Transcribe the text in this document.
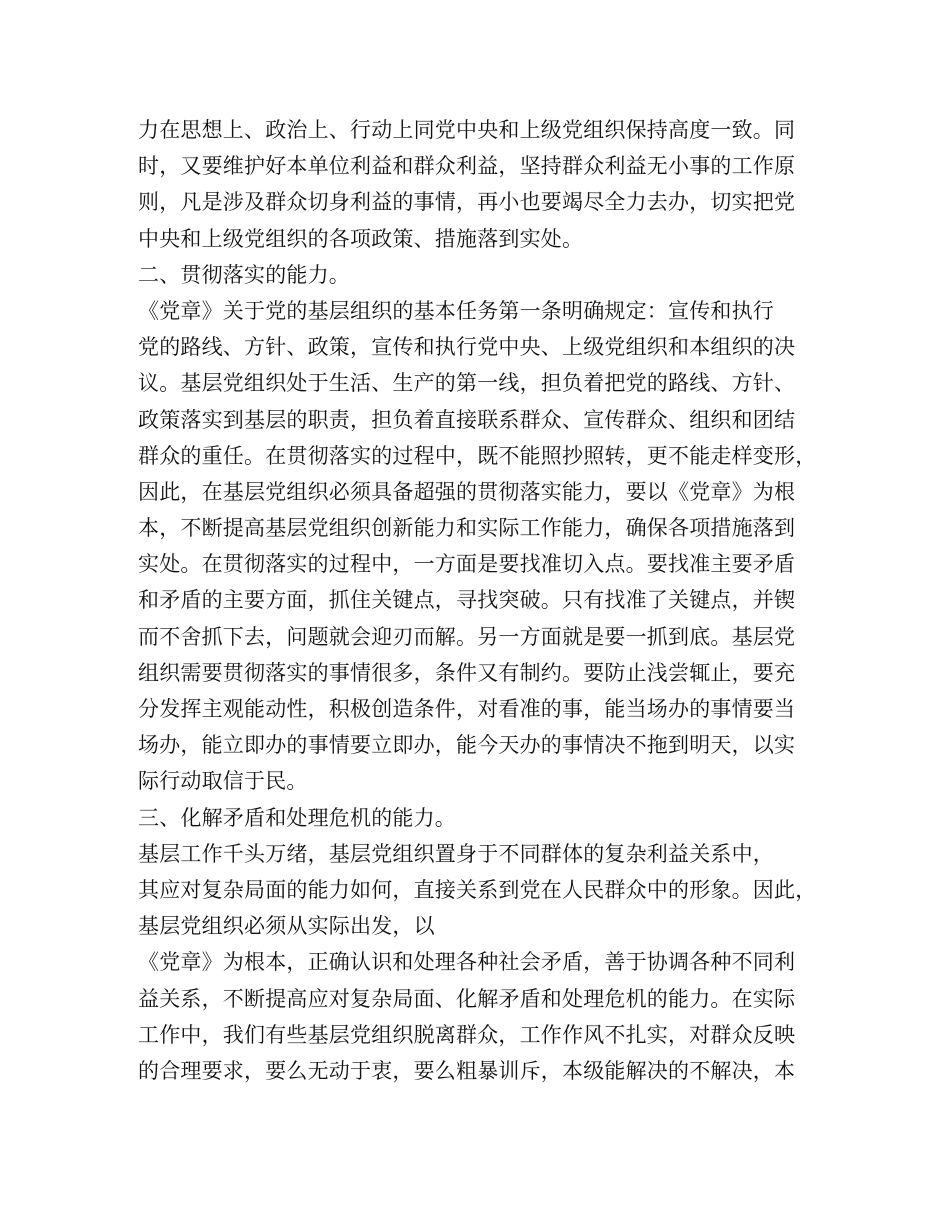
力在思想上、政治上、行动上同党中央和上级党组织保持高度一致。同
时，又要维护好本单位利益和群众利益，坚持群众利益无小事的工作原
则，凡是涉及群众切身利益的事情，再小也要竭尽全力去办，切实把党
中央和上级党组织的各项政策、措施落到实处。
二、贯彻落实的能力。
《党章》关于党的基层组织的基本任务第一条明确规定：宣传和执行
党的路线、方针、政策，宣传和执行党中央、上级党组织和本组织的决
议。基层党组织处于生活、生产的第一线，担负着把党的路线、方针、
政策落实到基层的职责，担负着直接联系群众、宣传群众、组织和团结
群众的重任。在贯彻落实的过程中，既不能照抄照转，更不能走样变形，
因此，在基层党组织必须具备超强的贯彻落实能力，要以《党章》为根
本，不断提高基层党组织创新能力和实际工作能力，确保各项措施落到
实处。在贯彻落实的过程中，一方面是要找准切入点。要找准主要矛盾
和矛盾的主要方面，抓住关键点，寻找突破。只有找准了关键点，并锲
而不舍抓下去，问题就会迎刃而解。另一方面就是要一抓到底。基层党
组织需要贯彻落实的事情很多，条件又有制约。要防止浅尝辄止，要充
分发挥主观能动性，积极创造条件，对看准的事，能当场办的事情要当
场办，能立即办的事情要立即办，能今天办的事情决不拖到明天，以实
际行动取信于民。
三、化解矛盾和处理危机的能力。
基层工作千头万绪，基层党组织置身于不同群体的复杂利益关系中，
其应对复杂局面的能力如何，直接关系到党在人民群众中的形象。因此，
基层党组织必须从实际出发，以
《党章》为根本，正确认识和处理各种社会矛盾，善于协调各种不同利
益关系，不断提高应对复杂局面、化解矛盾和处理危机的能力。在实际
工作中，我们有些基层党组织脱离群众，工作作风不扎实，对群众反映
的合理要求，要么无动于衷，要么粗暴训斥，本级能解决的不解决，本
